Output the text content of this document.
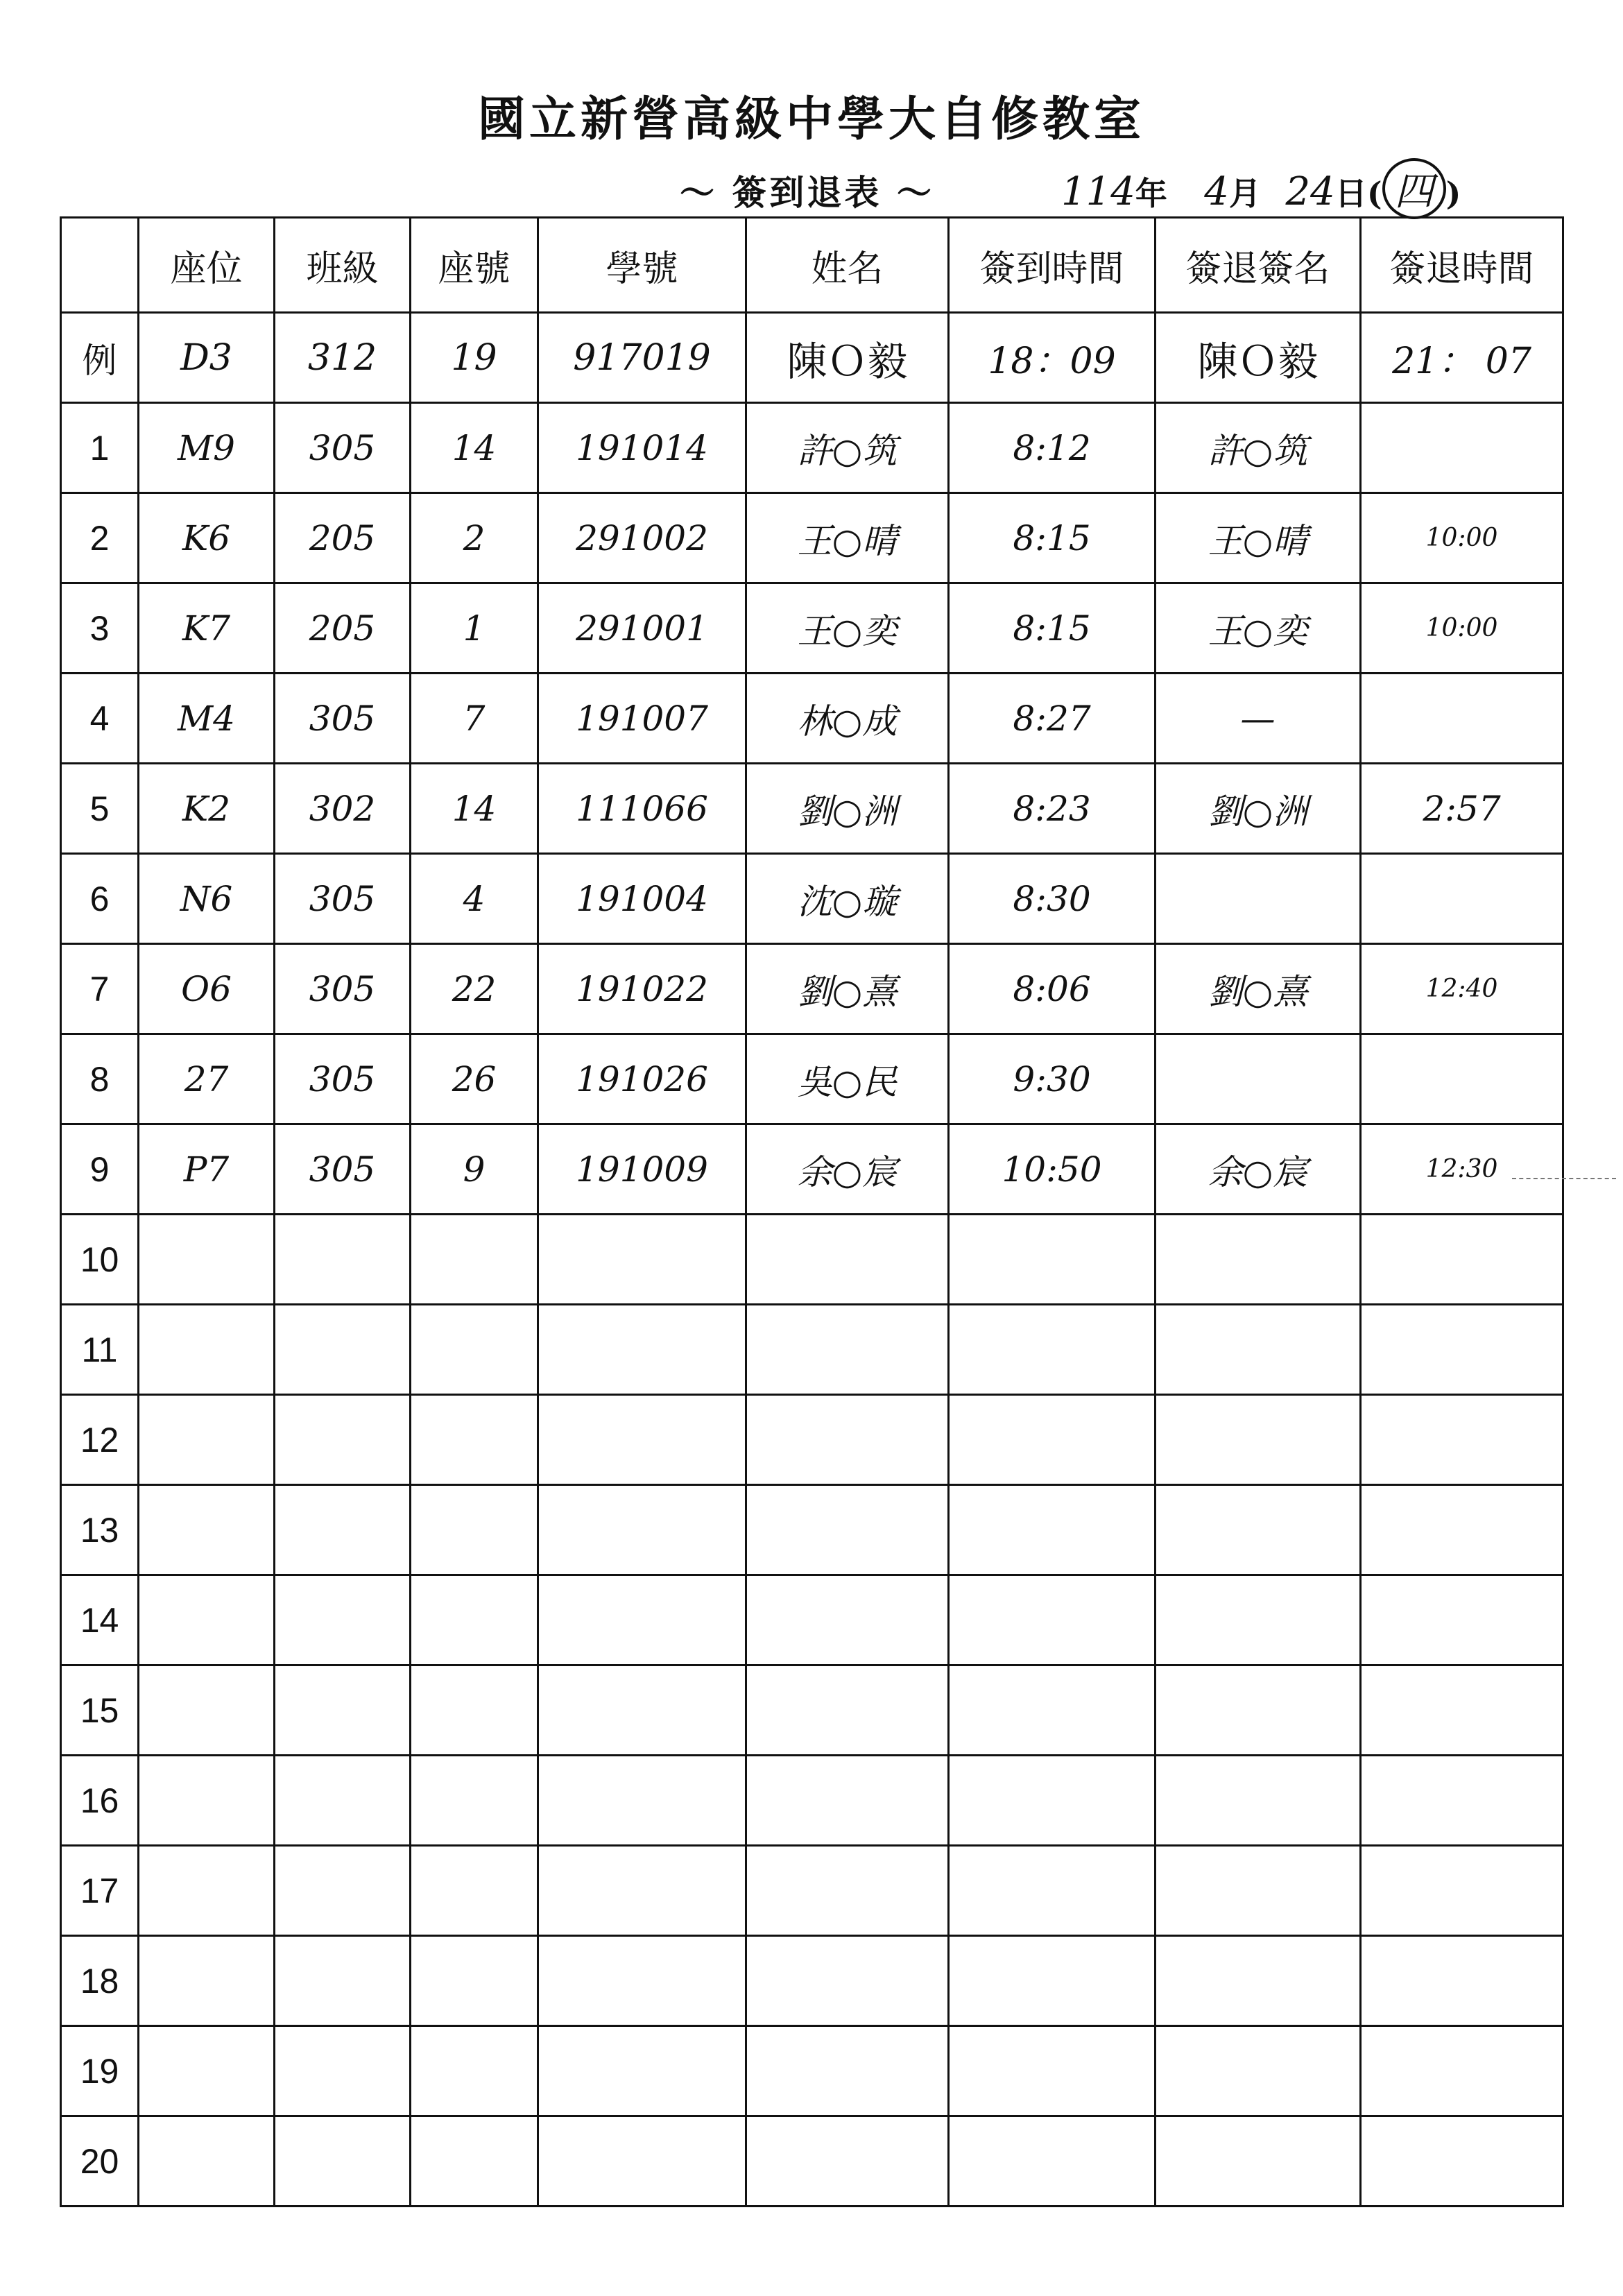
國立新營高級中學大自修教室
～ 簽到退表 ～	114年 4月 24日( 四 )
	座位	班級	座號	學號	姓名	簽到時間	簽退簽名	簽退時間
例	D3	312	19	917019	陳Ｏ毅	18：09	陳Ｏ毅	21： 07
1	M9	305	14	191014	許○筑	8:12	許○筑	
2	K6	205	2	291002	王○晴	8:15	王○晴	10:00
3	K7	205	1	291001	王○奕	8:15	王○奕	10:00
4	M4	305	7	191007	林○成	8:27	—	
5	K2	302	14	111066	劉○洲	8:23	劉○洲	2:57
6	N6	305	4	191004	沈○璇	8:30		
7	O6	305	22	191022	劉○熹	8:06	劉○熹	12:40
8	27	305	26	191026	吳○民	9:30		
9	P7	305	9	191009	余○宸	10:50	余○宸	12:30
10								
11								
12								
13								
14								
15								
16								
17								
18								
19								
20								
